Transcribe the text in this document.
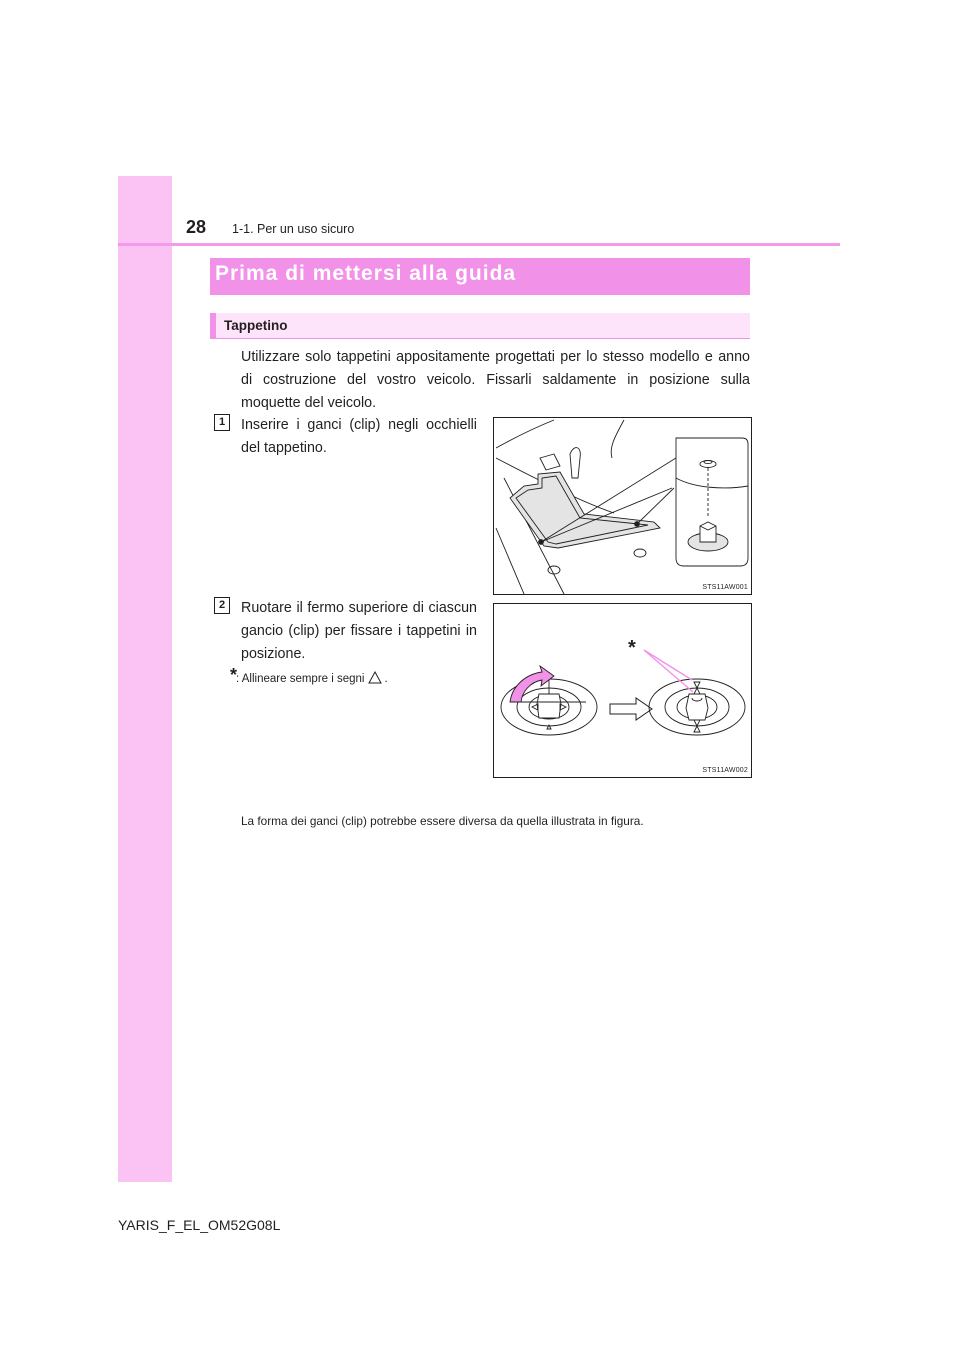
28 1-1. Per un uso sicuro
Prima di mettersi alla guida
Tappetino
Utilizzare solo tappetini appositamente progettati per lo stesso modello e anno di costruzione del vostro veicolo. Fissarli saldamente in posizione sulla moquette del veicolo.
1	Inserire i ganci (clip) negli occhielli del tappetino.
STS11AW001
2	Ruotare il fermo superiore di ciascun gancio (clip) per fissare i tappetini in posizione.
*
: Allineare sempre i segni .
*
STS11AW002
La forma dei ganci (clip) potrebbe essere diversa da quella illustrata in figura.
YARIS_F_EL_OM52G08L
